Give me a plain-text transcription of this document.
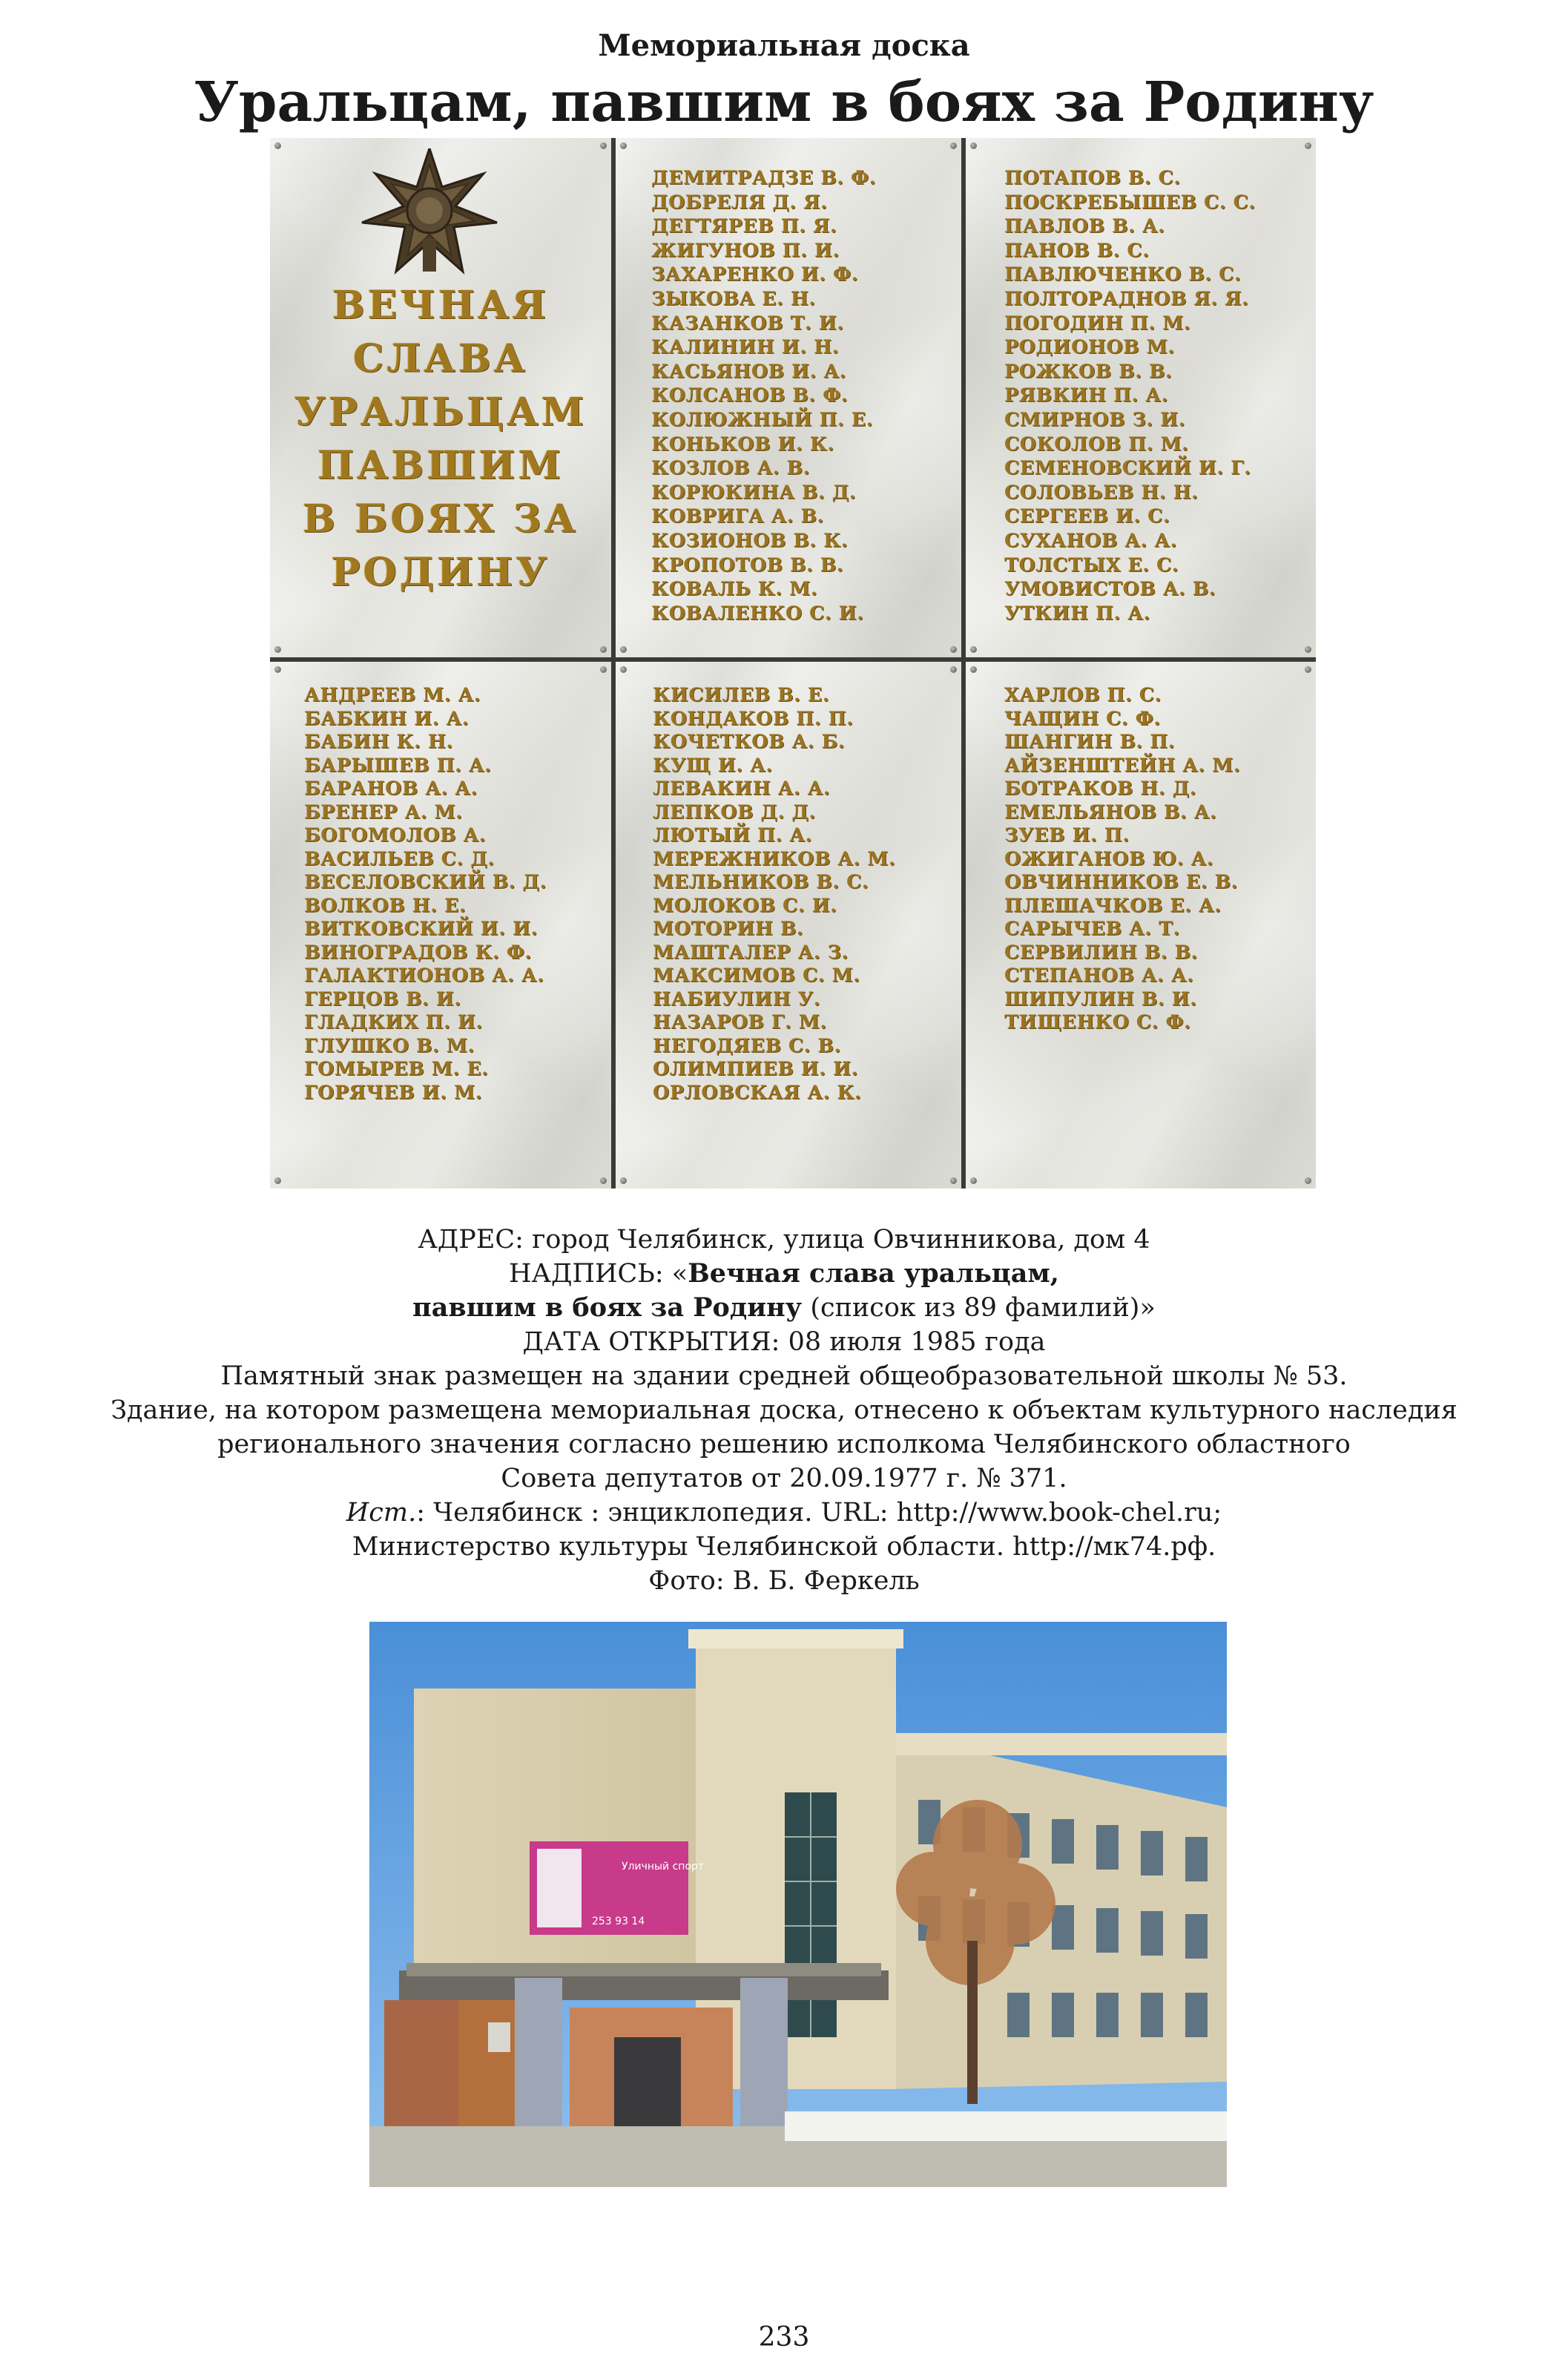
Мемориальная доска
Уральцам, павшим в боях за Родину
ВЕЧНАЯ
СЛАВА
УРАЛЬЦАМ
ПАВШИМ
В БОЯХ ЗА
РОДИНУ
ДЕМИТРАДЗЕ В. Ф.
ДОБРЕЛЯ Д. Я.
ДЕГТЯРЕВ П. Я.
ЖИГУНОВ П. И.
ЗАХАРЕНКО И. Ф.
ЗЫКОВА Е. Н.
КАЗАНКОВ Т. И.
КАЛИНИН И. Н.
КАСЬЯНОВ И. А.
КОЛСАНОВ В. Ф.
КОЛЮЖНЫЙ П. Е.
КОНЬКОВ И. К.
КОЗЛОВ А. В.
КОРЮКИНА В. Д.
КОВРИГА А. В.
КОЗИОНОВ В. К.
КРОПОТОВ В. В.
КОВАЛЬ К. М.
КОВАЛЕНКО С. И.
ПОТАПОВ В. С.
ПОСКРЕБЫШЕВ С. С.
ПАВЛОВ В. А.
ПАНОВ В. С.
ПАВЛЮЧЕНКО В. С.
ПОЛТОРАДНОВ Я. Я.
ПОГОДИН П. М.
РОДИОНОВ М.
РОЖКОВ В. В.
РЯВКИН П. А.
СМИРНОВ З. И.
СОКОЛОВ П. М.
СЕМЕНОВСКИЙ И. Г.
СОЛОВЬЕВ Н. Н.
СЕРГЕЕВ И. С.
СУХАНОВ А. А.
ТОЛСТЫХ Е. С.
УМОВИСТОВ А. В.
УТКИН П. А.
АНДРЕЕВ М. А.
БАБКИН И. А.
БАБИН К. Н.
БАРЫШЕВ П. А.
БАРАНОВ А. А.
БРЕНЕР А. М.
БОГОМОЛОВ А.
ВАСИЛЬЕВ С. Д.
ВЕСЕЛОВСКИЙ В. Д.
ВОЛКОВ Н. Е.
ВИТКОВСКИЙ И. И.
ВИНОГРАДОВ К. Ф.
ГАЛАКТИОНОВ А. А.
ГЕРЦОВ В. И.
ГЛАДКИХ П. И.
ГЛУШКО В. М.
ГОМЫРЕВ М. Е.
ГОРЯЧЕВ И. М.
КИСИЛЕВ В. Е.
КОНДАКОВ П. П.
КОЧЕТКОВ А. Б.
КУЩ И. А.
ЛЕВАКИН А. А.
ЛЕПКОВ Д. Д.
ЛЮТЫЙ П. А.
МЕРЕЖНИКОВ А. М.
МЕЛЬНИКОВ В. С.
МОЛОКОВ С. И.
МОТОРИН В.
МАШТАЛЕР А. З.
МАКСИМОВ С. М.
НАБИУЛИН У.
НАЗАРОВ Г. М.
НЕГОДЯЕВ С. В.
ОЛИМПИЕВ И. И.
ОРЛОВСКАЯ А. К.
ХАРЛОВ П. С.
ЧАЩИН С. Ф.
ШАНГИН В. П.
АЙЗЕНШТЕЙН А. М.
БОТРАКОВ Н. Д.
ЕМЕЛЬЯНОВ В. А.
ЗУЕВ И. П.
ОЖИГАНОВ Ю. А.
ОВЧИННИКОВ Е. В.
ПЛЕШАЧКОВ Е. А.
САРЫЧЕВ А. Т.
СЕРВИЛИН В. В.
СТЕПАНОВ А. А.
ШИПУЛИН В. И.
ТИЩЕНКО С. Ф.
АДРЕС: город Челябинск, улица Овчинникова, дом 4
НАДПИСЬ: «Вечная слава уральцам,
павшим в боях за Родину (список из 89 фамилий)»
ДАТА ОТКРЫТИЯ: 08 июля 1985 года
Памятный знак размещен на здании средней общеобразовательной школы № 53.
Здание, на котором размещена мемориальная доска, отнесено к объектам культурного наследия
регионального значения согласно решению исполкома Челябинского областного
Совета депутатов от 20.09.1977 г. № 371.
Ист.: Челябинск : энциклопедия. URL: http://www.book-chel.ru;
Министерство культуры Челябинской области. http://мк74.рф.
Фото: В. Б. Феркель
Уличный спорт
253 93 14
233
